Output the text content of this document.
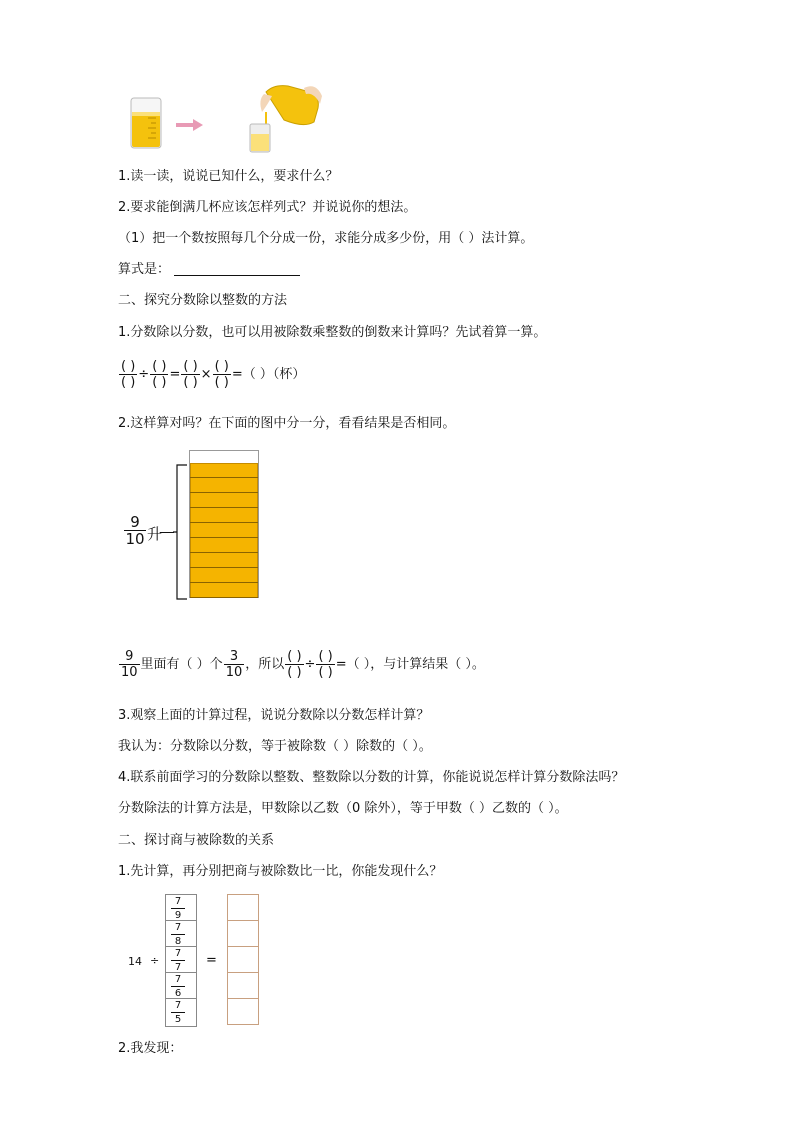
1.读一读，说说已知什么，要求什么？
2.要求能倒满几杯应该怎样列式？并说说你的想法。
（1）把一个数按照每几个分成一份，求能分成多少份，用（ ）法计算。
算式是：
二、探究分数除以整数的方法
1.分数除以分数，也可以用被除数乘整数的倒数来计算吗？先试着算一算。
$\frac{( )}{( )} \div \frac{( )}{( )} = \frac{( )}{( )} \times \frac{( )}{( )}$ =（ ）（杯）
2.这样算对吗？在下面的图中分一分，看看结果是否相同。
9
10 升
$\frac{9}{10}$ 里面有（ ）个 $\frac{3}{10}$ ，所以 $\frac{( )}{( )} \div \frac{( )}{( )}$ =（ ），与计算结果（ ）。
3.观察上面的计算过程，说说分数除以分数怎样计算？
我认为：分数除以分数，等于被除数（ ）除数的（ ）。
4.联系前面学习的分数除以整数、整数除以分数的计算，你能说说怎样计算分数除法吗？
分数除法的计算方法是，甲数除以乙数（0 除外），等于甲数（ ）乙数的（ ）。
二、探讨商与被除数的关系
1.先计算，再分别把商与被除数比一比，你能发现什么？
14 ÷
7
9
7
8
7
7
7
6
7
5
=
2.我发现：
